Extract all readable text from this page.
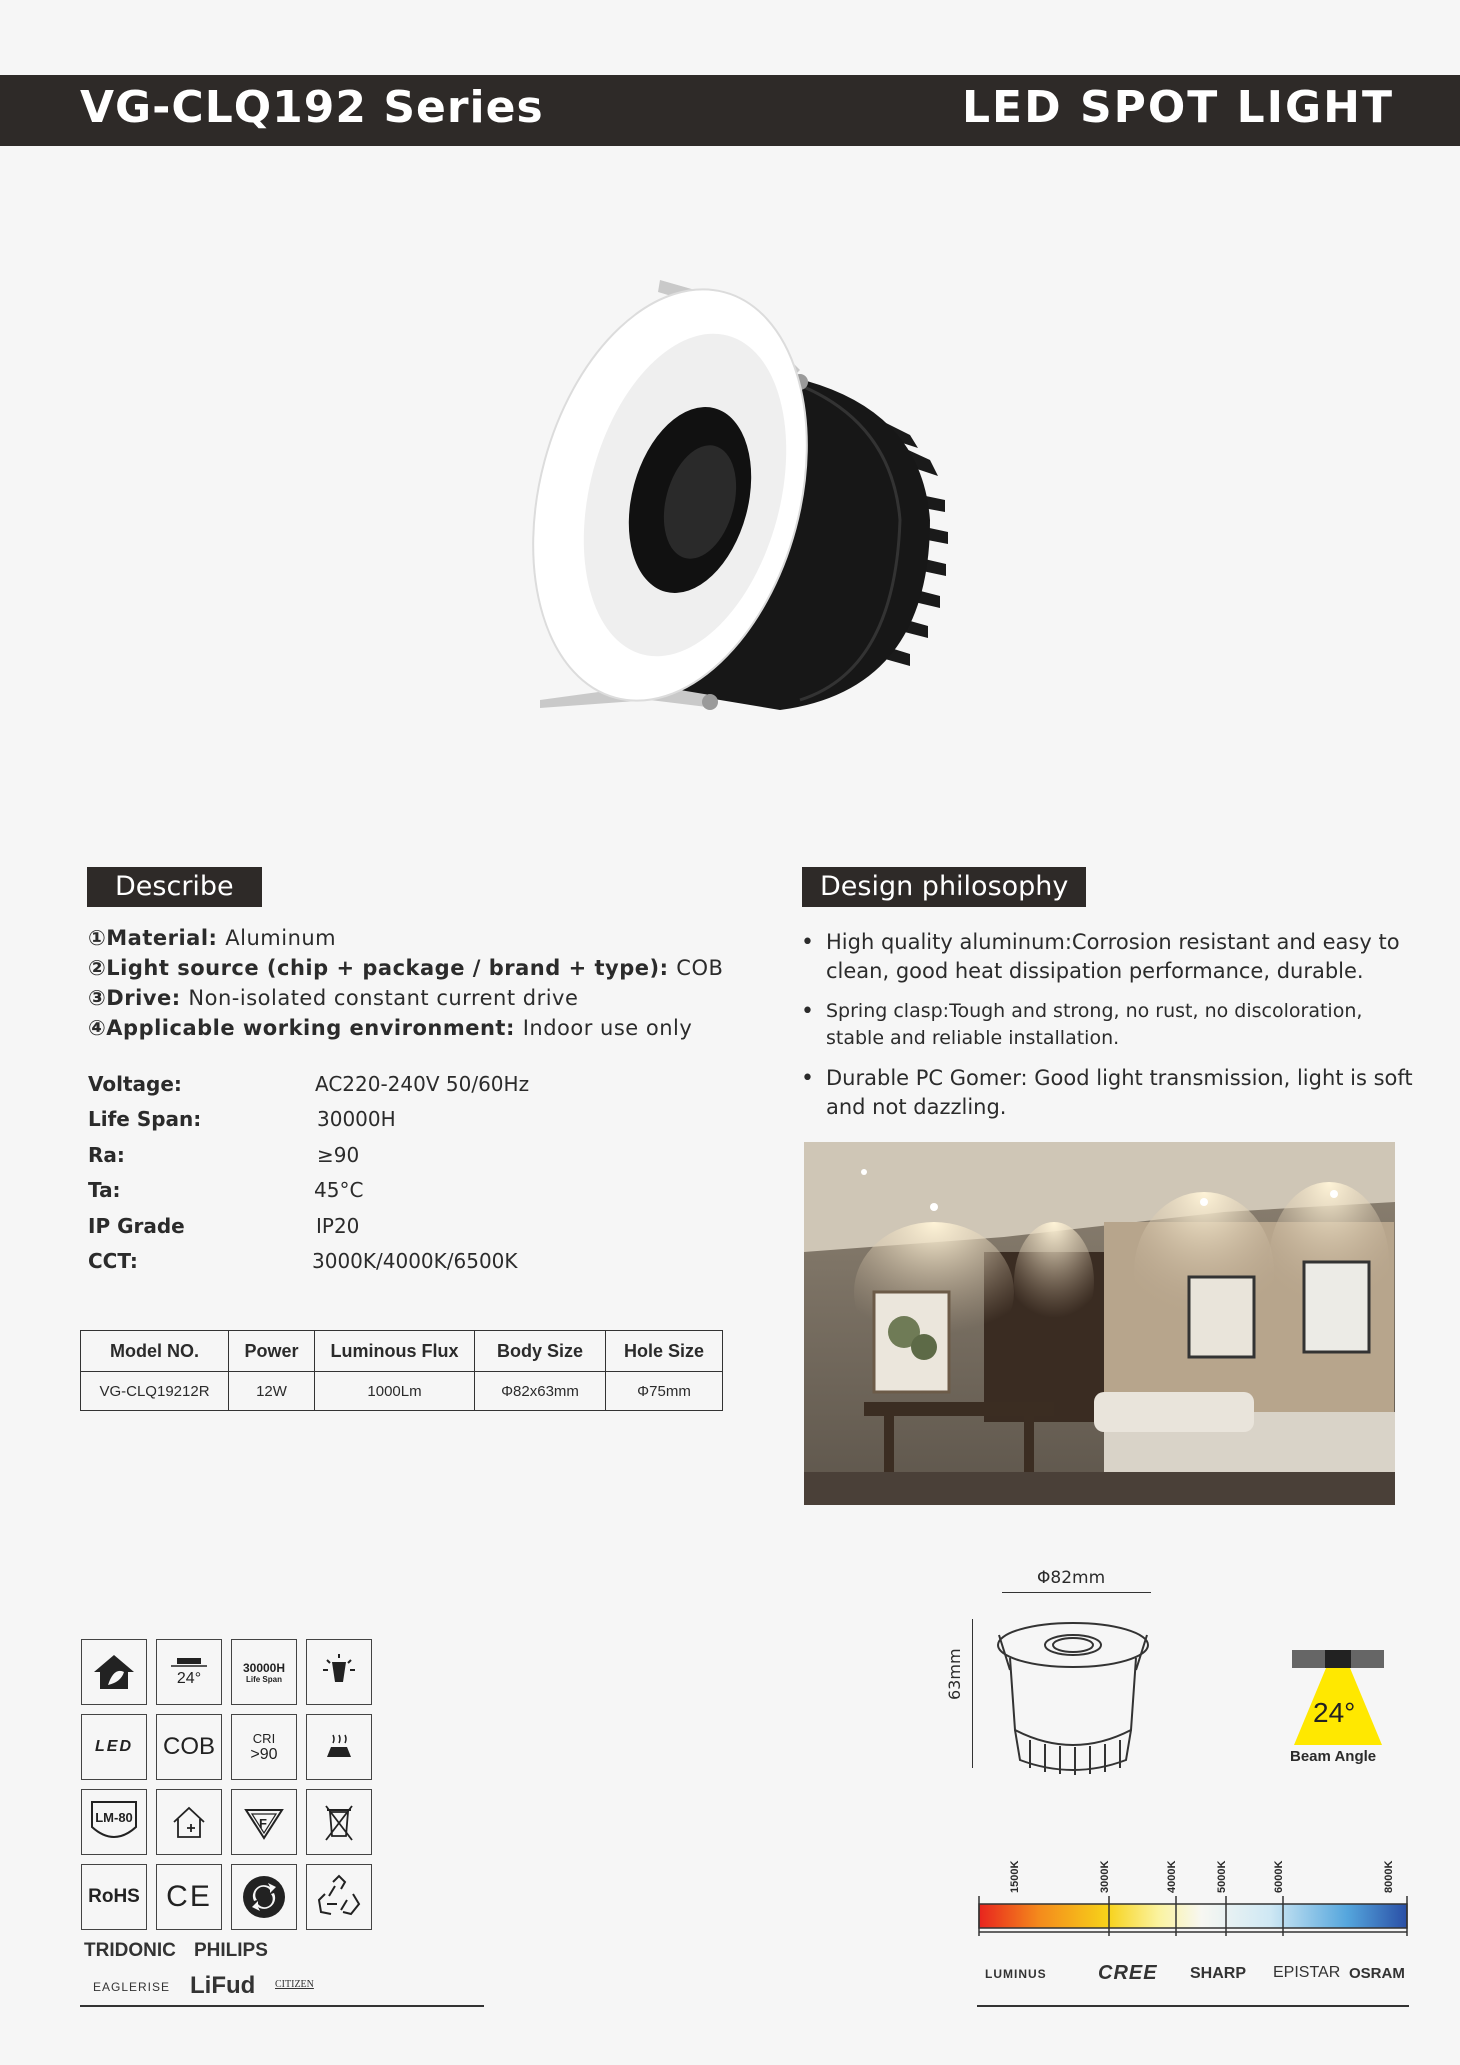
VG-CLQ192 Series	LED SPOT LIGHT
Describe
①Material: Aluminum
②Light source (chip + package / brand + type): COB
③Drive: Non-isolated constant current drive
④Applicable working environment: Indoor use only
Voltage:	AC220-240V 50/60Hz
Life Span:	30000H
Ra:	≥90
Ta:	45°C
IP Grade	IP20
CCT:	3000K/4000K/6500K
Model NO.	Power	Luminous Flux	Body Size	Hole Size
VG-CLQ19212R	12W	1000Lm	Φ82x63mm	Φ75mm
Design philosophy
• High quality aluminum:Corrosion resistant and easy to clean, good heat dissipation performance, durable.
• Spring clasp:Tough and strong, no rust, no discoloration, stable and reliable installation.
• Durable PC Gomer: Good light transmission, light is soft and not dazzling.
24°
30000H
Life Span
LED COB	CRI
>90
LM-80	F
RoHS CE
TRIDONIC PHILIPS
EAGLERISE LiFud CITIZEN
Φ82mm
63mm
24°
Beam Angle
1500K	3000K	4000K	5000K	6000K	8000K
LUMINUS	CREE SHARP EPISTAR OSRAM
